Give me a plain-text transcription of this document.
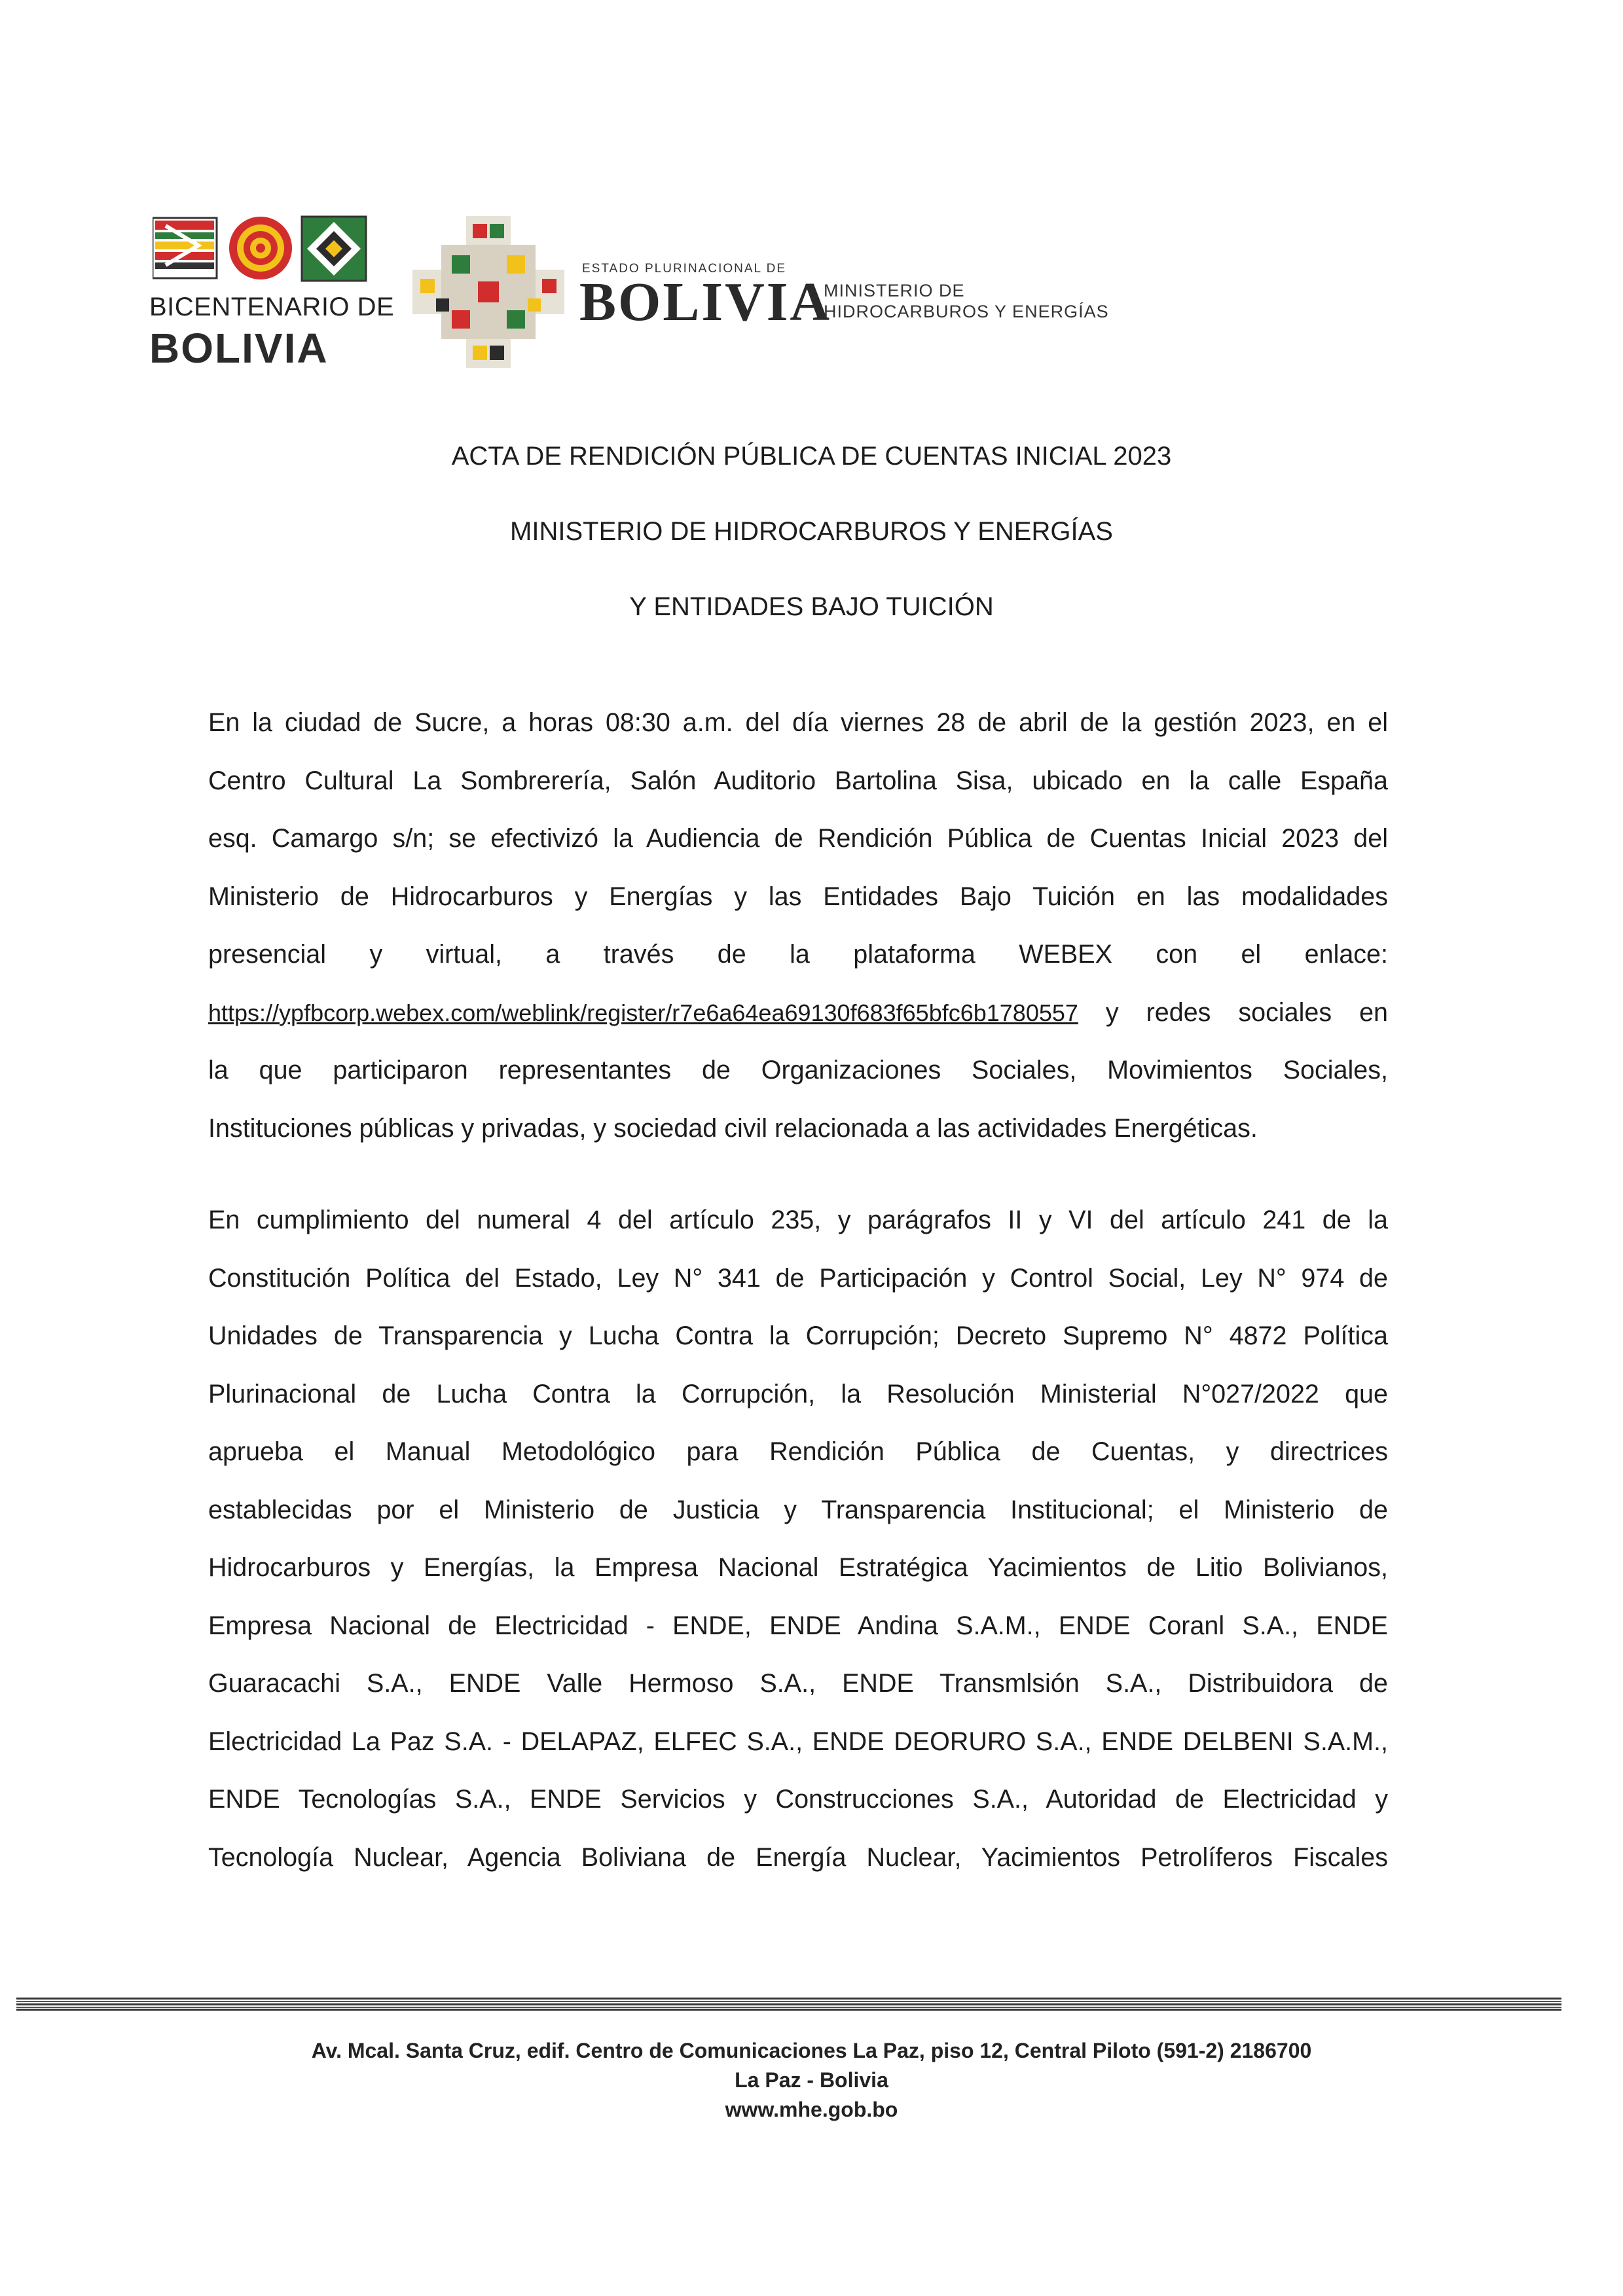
BICENTENARIO DE
BOLIVIA
ESTADO PLURINACIONAL DE
BOLIVIA
MINISTERIO DE
HIDROCARBUROS Y ENERGÍAS
ACTA DE RENDICIÓN PÚBLICA DE CUENTAS INICIAL 2023
MINISTERIO DE HIDROCARBUROS Y ENERGÍAS
Y ENTIDADES BAJO TUICIÓN
En la ciudad de Sucre, a horas 08:30 a.m. del día viernes 28 de abril de la gestión 2023, en el
Centro Cultural La Sombrerería, Salón Auditorio Bartolina Sisa, ubicado en la calle España
esq. Camargo s/n; se efectivizó la Audiencia de Rendición Pública de Cuentas Inicial 2023 del
Ministerio de Hidrocarburos y Energías y las Entidades Bajo Tuición en las modalidades
presencial y virtual, a través de la plataforma WEBEX con el enlace:
https://ypfbcorp.webex.com/weblink/register/r7e6a64ea69130f683f65bfc6b1780557 y redes sociales en
la que participaron representantes de Organizaciones Sociales, Movimientos Sociales,
Instituciones públicas y privadas, y sociedad civil relacionada a las actividades Energéticas.
En cumplimiento del numeral 4 del artículo 235, y parágrafos II y VI del artículo 241 de la
Constitución Política del Estado, Ley N° 341 de Participación y Control Social, Ley N° 974 de
Unidades de Transparencia y Lucha Contra la Corrupción; Decreto Supremo N° 4872 Política
Plurinacional de Lucha Contra la Corrupción, la Resolución Ministerial N°027/2022 que
aprueba el Manual Metodológico para Rendición Pública de Cuentas, y directrices
establecidas por el Ministerio de Justicia y Transparencia Institucional; el Ministerio de
Hidrocarburos y Energías, la Empresa Nacional Estratégica Yacimientos de Litio Bolivianos,
Empresa Nacional de Electricidad - ENDE, ENDE Andina S.A.M., ENDE Coranl S.A., ENDE
Guaracachi S.A., ENDE Valle Hermoso S.A., ENDE Transmlsión S.A., Distribuidora de
Electricidad La Paz S.A. - DELAPAZ, ELFEC S.A., ENDE DEORURO S.A., ENDE DELBENI S.A.M.,
ENDE Tecnologías S.A., ENDE Servicios y Construcciones S.A., Autoridad de Electricidad y
Tecnología Nuclear, Agencia Boliviana de Energía Nuclear, Yacimientos Petrolíferos Fiscales
Av. Mcal. Santa Cruz, edif. Centro de Comunicaciones La Paz, piso 12, Central Piloto (591-2) 2186700
La Paz - Bolivia
www.mhe.gob.bo
